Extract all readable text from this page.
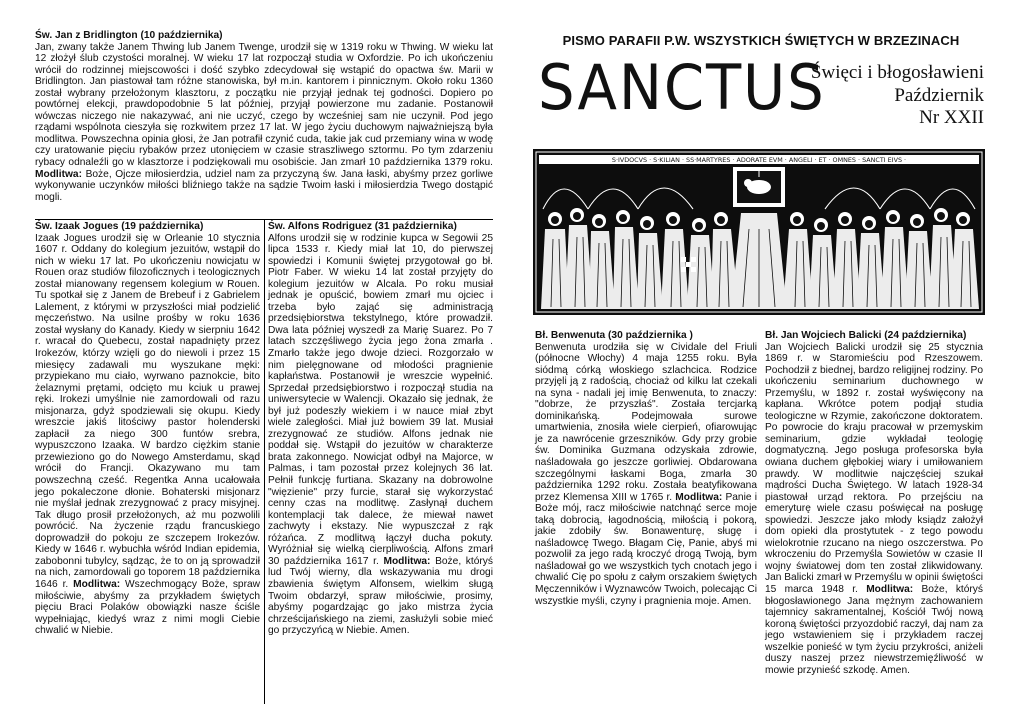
Św. Jan z Bridlington (10 października)

Jan, zwany także Janem Thwing lub Janem Twenge, urodził się w 1319 roku w Thwing. W wieku lat 12 złożył ślub czystości moralnej. W wieku 17 lat rozpoczął studia w Oxfordzie. Po ich ukończeniu wrócił do rodzinnej miejscowości i dość szybko zdecydował się wstąpić do opactwa św. Marii w Bridlington. Jan piastował tam różne stanowiska, był m.in. kantorem i pinnicznym. Około roku 1360 został wybrany przełożonym klasztoru, z początku nie przyjął jednak tej godności. Dopiero po powtórnej elekcji, prawdopodobnie 5 lat później, przyjął powierzone mu zadanie. Postanowił wówczas niczego nie nakazywać, ani nie uczyć, czego by wcześniej sam nie uczynił. Pod jego rządami wspólnota cieszyła się rozkwitem przez 17 lat. W jego życiu duchowym najważniejszą była modlitwa. Powszechna opinia głosi, że Jan potrafił czynić cuda, takie jak cud przemiany wina w wodę czy uratowanie pięciu rybaków przez utonięciem w czasie straszliwego sztormu. Po tym zdarzeniu rybacy odnaleźli go w klasztorze i podziękowali mu osobiście. Jan zmarł 10 października 1379 roku. Modlitwa: Boże, Ojcze miłosierdzia, udziel nam za przyczyną św. Jana łaski, abyśmy przez gorliwe wykonywanie uczynków miłości bliźniego także na sądzie Twoim łaski i miłosierdzia Twego dostąpić mogli.

Św. Izaak Jogues (19 października)

Izaak Jogues urodził się w Orleanie 10 stycznia 1607 r. Oddany do kolegium jezuitów, wstąpił do nich w wieku 17 lat. Po ukończeniu nowicjatu w Rouen oraz studiów filozoficznych i teologicznych został mianowany regensem kolegium w Rouen. Tu spotkał się z Janem de Brebeuf i z Gabrielem Lalement, z którymi w przyszłości miał podzielić męczeństwo. Na usilne prośby w roku 1636 został wysłany do Kanady. Kiedy w sierpniu 1642 r. wracał do Quebecu, został napadnięty przez Irokezów, którzy wzięli go do niewoli i przez 15 miesięcy zadawali mu wyszukane męki: przypiekano mu ciało, wyrwano paznokcie, bito żelaznymi prętami, odcięto mu kciuk u prawej ręki. Irokezi umyślnie nie zamordowali od razu misjonarza, gdyż spodziewali się okupu. Kiedy wreszcie jakiś litościwy pastor holenderski zapłacił za niego 300 funtów srebra, wypuszczono Izaaka. W bardzo ciężkim stanie przewieziono go do Nowego Amsterdamu, skąd wrócił do Francji. Okazywano mu tam powszechną cześć. Regentka Anna ucałowała jego pokaleczone dłonie. Bohaterski misjonarz nie myślał jednak zrezygnować z pracy misyjnej. Tak długo prosił przełożonych, aż mu pozwolili powrócić. Na życzenie rządu francuskiego doprowadził do pokoju ze szczepem Irokezów. Kiedy w 1646 r. wybuchła wśród Indian epidemia, zabobonni tubylcy, sądząc, że to on ją sprowadził na nich, zamordowali go toporem 18 października 1646 r. Modlitwa: Wszechmogący Boże, spraw miłościwie, abyśmy za przykładem świętych pięciu Braci Polaków obowiązki nasze ściśle wypełniając, kiedyś wraz z nimi mogli Ciebie chwalić w Niebie.

Św. Alfons Rodriguez (31 października)

Alfons urodził się w rodzinie kupca w Segowii 25 lipca 1533 r. Kiedy miał lat 10, do pierwszej spowiedzi i Komunii świętej przygotował go bł. Piotr Faber. W wieku 14 lat został przyjęty do kolegium jezuitów w Alcala. Po roku musiał jednak je opuścić, bowiem zmarł mu ojciec i trzeba było zająć się administracją przedsiębiorstwa tekstylnego, które prowadził. Dwa lata później wyszedł za Marię Suarez. Po 7 latach szczęśliwego życia jego żona zmarła . Zmarło także jego dwoje dzieci. Rozgorzało w nim pielęgnowane od młodości pragnienie kapłaństwa. Postanowił je wreszcie wypełnić. Sprzedał przedsiębiorstwo i rozpoczął studia na uniwersytecie w Walencji. Okazało się jednak, że był już podeszły wiekiem i w nauce miał zbyt wiele zaległości. Miał już bowiem 39 lat. Musiał zrezygnować ze studiów. Alfons jednak nie poddał się. Wstąpił do jezuitów w charakterze brata zakonnego. Nowicjat odbył na Majorce, w Palmas, i tam pozostał przez kolejnych 36 lat. Pełnił funkcję furtiana. Skazany na dobrowolne "więzienie" przy furcie, starał się wykorzystać cenny czas na modlitwę. Zasłynął duchem kontemplacji tak dalece, że miewał nawet zachwyty i ekstazy. Nie wypuszczał z rąk różańca. Z modlitwą łączył ducha pokuty. Wyróżniał się wielką cierpliwością. Alfons zmarł 30 października 1617 r. Modlitwa: Boże, któryś lud Twój wierny, dla wskazywania mu drogi zbawienia świętym Alfonsem, wielkim sługą Twoim obdarzył, spraw miłościwie, prosimy, abyśmy pogardzając go jako mistrza życia chrześcijańskiego na ziemi, zasłużyli sobie mieć go przyczyńcą w Niebie. Amen.

PISMO PARAFII P.W. WSZYSTKICH ŚWIĘTYCH W BRZEZINACH
SANCTUS
Święci i błogosławieni
Październik
Nr XXII
S·IVDOCVS · S·KILIAN · SS·MARTYRES · ADORATE EVM · ANGELI · ET · OMNES · SANCTI EIVS ·
Bł. Benwenuta (30 października )

Benwenuta urodziła się w Cividale del Friuli (północne Włochy) 4 maja 1255 roku. Była siódmą córką włoskiego szlachcica. Rodzice przyjęli ją z radością, chociaż od kilku lat czekali na syna - nadali jej imię Benwenuta, to znaczy: "dobrze, że przyszłaś". Została tercjarką dominikańską. Podejmowała surowe umartwienia, znosiła wiele cierpień, ofiarowując je za nawrócenie grzeszników. Gdy przy grobie św. Dominika Guzmana odzyskała zdrowie, naśladowała go jeszcze gorliwiej. Obdarowana szczególnymi łaskami Boga, zmarła 30 października 1292 roku. Została beatyfikowana przez Klemensa XIII w 1765 r. Modlitwa: Panie i Boże mój, racz miłościwie natchnąć serce moje taką dobrocią, łagodnością, miłością i pokorą, jakie zdobiły św. Bonawenturę, sługę i naśladowcę Twego. Błagam Cię, Panie, abyś mi pozwolił za jego radą kroczyć drogą Twoją, bym naśladował go we wszystkich tych cnotach jego i chwalić Cię po społu z całym orszakiem świętych Męczenników i Wyznawców Twoich, polecając Ci wszystkie myśli, czyny i pragnienia moje. Amen.

Bł. Jan Wojciech Balicki (24 października)

Jan Wojciech Balicki urodził się 25 stycznia 1869 r. w Staromieściu pod Rzeszowem. Pochodził z biednej, bardzo religijnej rodziny. Po ukończeniu seminarium duchownego w Przemyślu, w 1892 r. został wyświęcony na kapłana. Wkrótce potem podjął studia teologiczne w Rzymie, zakończone doktoratem. Po powrocie do kraju pracował w przemyskim seminarium, gdzie wykładał teologię dogmatyczną. Jego posługa profesorska była owiana duchem głębokiej wiary i umiłowaniem prawdy. W modlitwie najczęściej szukał mądrości Ducha Świętego. W latach 1928-34 piastował urząd rektora. Po przejściu na emeryturę wiele czasu poświęcał na posługę spowiedzi. Jeszcze jako młody ksiądz założył dom opieki dla prostytutek - z tego powodu wielokrotnie rzucano na niego oszczerstwa. Po wkroczeniu do Przemyśla Sowietów w czasie II wojny światowej dom ten został zlikwidowany. Jan Balicki zmarł w Przemyślu w opinii świętości 15 marca 1948 r. Modlitwa: Boże, któryś błogosławionego Jana mężnym zachowaniem tajemnicy sakramentalnej, Kościół Twój nową koroną świętości przyozdobić raczył, daj nam za jego wstawieniem się i przykładem raczej wszelkie ponieść w tym życiu przykrości, aniżeli duszy naszej przez niewstrzemięźliwość w mowie przynieść szkodę. Amen.
